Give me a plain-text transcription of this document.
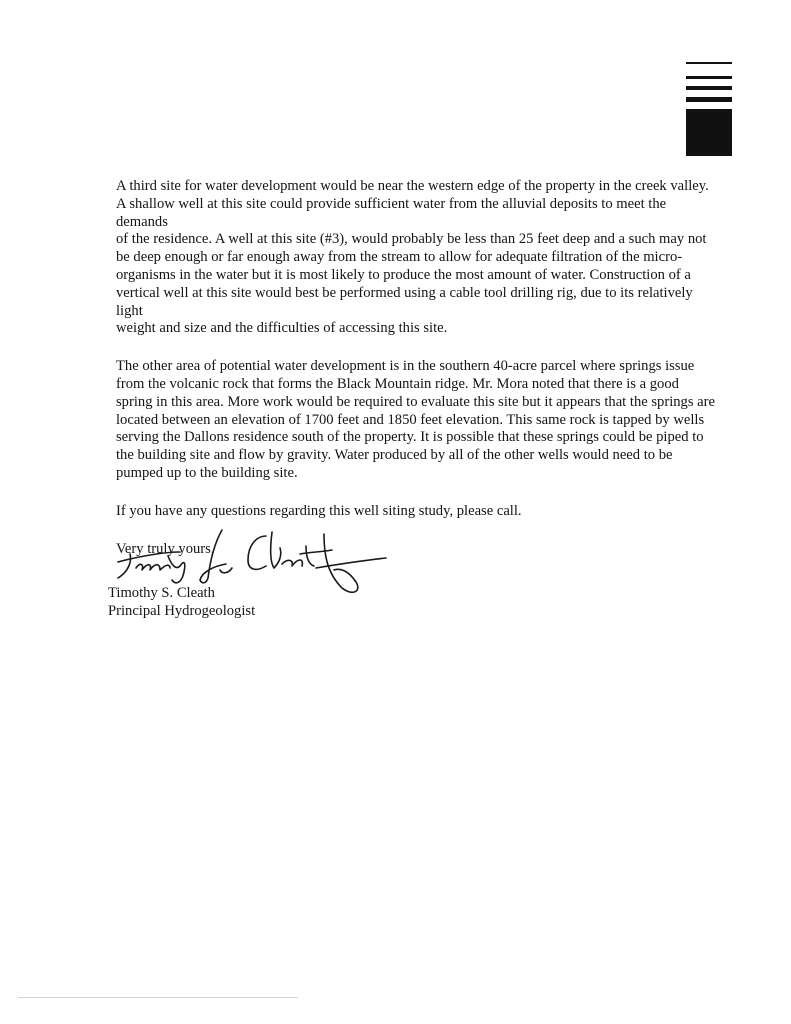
A third site for water development would be near the western edge of the property in the creek valley.
A shallow well at this site could provide sufficient water from the alluvial deposits to meet the demands
of the residence. A well at this site (#3), would probably be less than 25 feet deep and a such may not
be deep enough or far enough away from the stream to allow for adequate filtration of the micro-
organisms in the water but it is most likely to produce the most amount of water. Construction of a
vertical well at this site would best be performed using a cable tool drilling rig, due to its relatively light
weight and size and the difficulties of accessing this site.

The other area of potential water development is in the southern 40-acre parcel where springs issue
from the volcanic rock that forms the Black Mountain ridge. Mr. Mora noted that there is a good
spring in this area. More work would be required to evaluate this site but it appears that the springs are
located between an elevation of 1700 feet and 1850 feet elevation. This same rock is tapped by wells
serving the Dallons residence south of the property. It is possible that these springs could be piped to
the building site and flow by gravity. Water produced by all of the other wells would need to be
pumped up to the building site.

If you have any questions regarding this well siting study, please call.

Very truly yours,

Timothy S. Cleath

Principal Hydrogeologist
